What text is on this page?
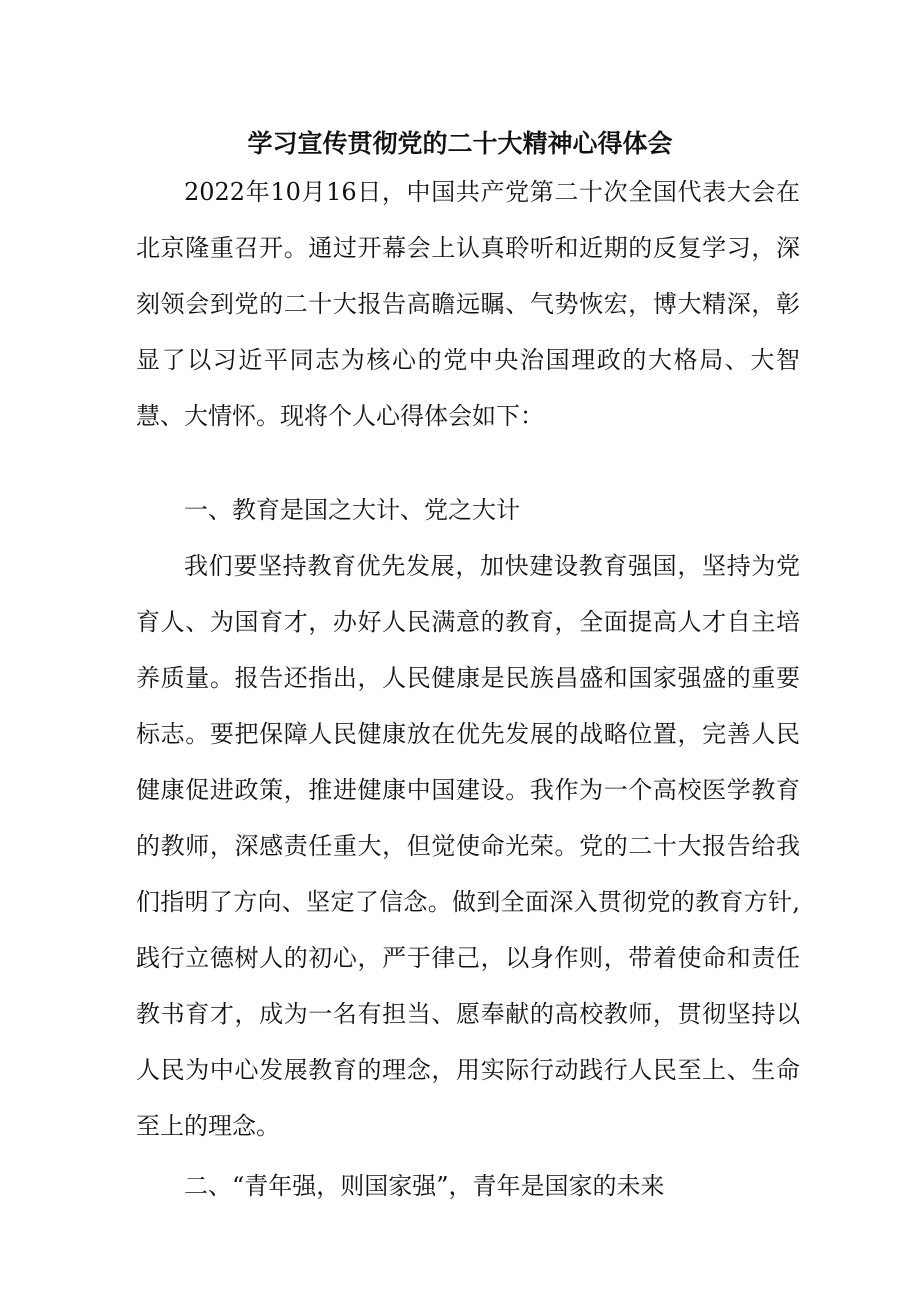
学习宣传贯彻党的二十大精神心得体会

2022年10月16日，中国共产党第二十次全国代表大会在北京隆重召开。通过开幕会上认真聆听和近期的反复学习，深刻领会到党的二十大报告高瞻远瞩、气势恢宏，博大精深，彰显了以习近平同志为核心的党中央治国理政的大格局、大智慧、大情怀。现将个人心得体会如下：

一、教育是国之大计、党之大计

我们要坚持教育优先发展，加快建设教育强国，坚持为党育人、为国育才，办好人民满意的教育，全面提高人才自主培养质量。报告还指出，人民健康是民族昌盛和国家强盛的重要标志。要把保障人民健康放在优先发展的战略位置，完善人民健康促进政策，推进健康中国建设。我作为一个高校医学教育的教师，深感责任重大，但觉使命光荣。党的二十大报告给我们指明了方向、坚定了信念。做到全面深入贯彻党的教育方针,践行立德树人的初心，严于律己，以身作则，带着使命和责任教书育才，成为一名有担当、愿奉献的高校教师，贯彻坚持以人民为中心发展教育的理念，用实际行动践行人民至上、生命至上的理念。

二、“青年强，则国家强”，青年是国家的未来
